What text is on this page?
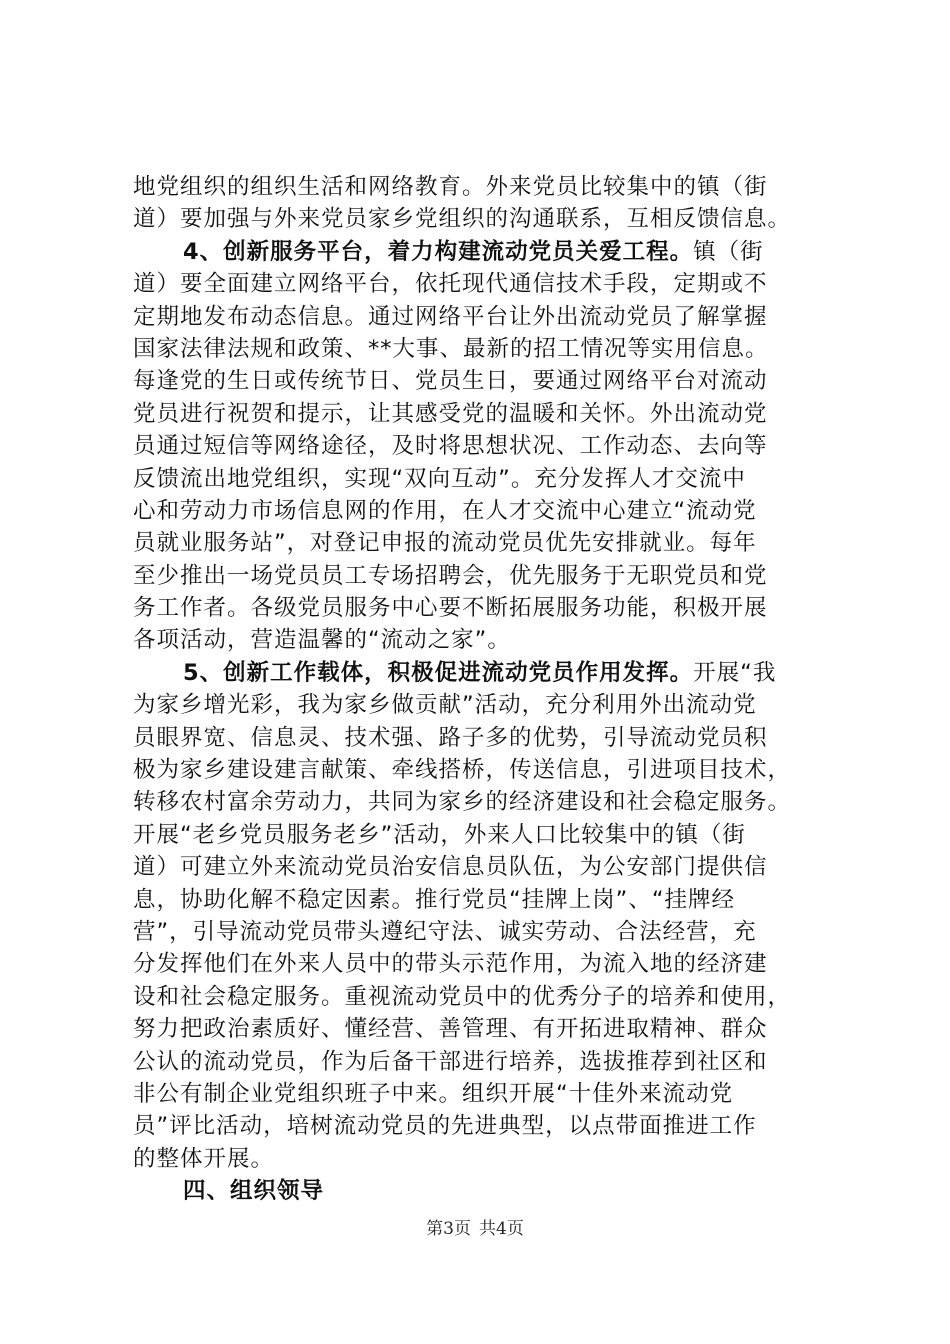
地党组织的组织生活和网络教育。外来党员比较集中的镇（街
道）要加强与外来党员家乡党组织的沟通联系，互相反馈信息。
4、创新服务平台，着力构建流动党员关爱工程。镇（街
道）要全面建立网络平台，依托现代通信技术手段，定期或不
定期地发布动态信息。通过网络平台让外出流动党员了解掌握
国家法律法规和政策、**大事、最新的招工情况等实用信息。
每逢党的生日或传统节日、党员生日，要通过网络平台对流动
党员进行祝贺和提示，让其感受党的温暖和关怀。外出流动党
员通过短信等网络途径，及时将思想状况、工作动态、去向等
反馈流出地党组织，实现“双向互动”。充分发挥人才交流中
心和劳动力市场信息网的作用，在人才交流中心建立“流动党
员就业服务站”，对登记申报的流动党员优先安排就业。每年
至少推出一场党员员工专场招聘会，优先服务于无职党员和党
务工作者。各级党员服务中心要不断拓展服务功能，积极开展
各项活动，营造温馨的“流动之家”。
5、创新工作载体，积极促进流动党员作用发挥。开展“我
为家乡增光彩，我为家乡做贡献”活动，充分利用外出流动党
员眼界宽、信息灵、技术强、路子多的优势，引导流动党员积
极为家乡建设建言献策、牵线搭桥，传送信息，引进项目技术，
转移农村富余劳动力，共同为家乡的经济建设和社会稳定服务。
开展“老乡党员服务老乡”活动，外来人口比较集中的镇（街
道）可建立外来流动党员治安信息员队伍，为公安部门提供信
息，协助化解不稳定因素。推行党员“挂牌上岗”、“挂牌经
营”，引导流动党员带头遵纪守法、诚实劳动、合法经营，充
分发挥他们在外来人员中的带头示范作用，为流入地的经济建
设和社会稳定服务。重视流动党员中的优秀分子的培养和使用，
努力把政治素质好、懂经营、善管理、有开拓进取精神、群众
公认的流动党员，作为后备干部进行培养，选拔推荐到社区和
非公有制企业党组织班子中来。组织开展“十佳外来流动党
员”评比活动，培树流动党员的先进典型，以点带面推进工作
的整体开展。
四、组织领导
第3页 共4页
